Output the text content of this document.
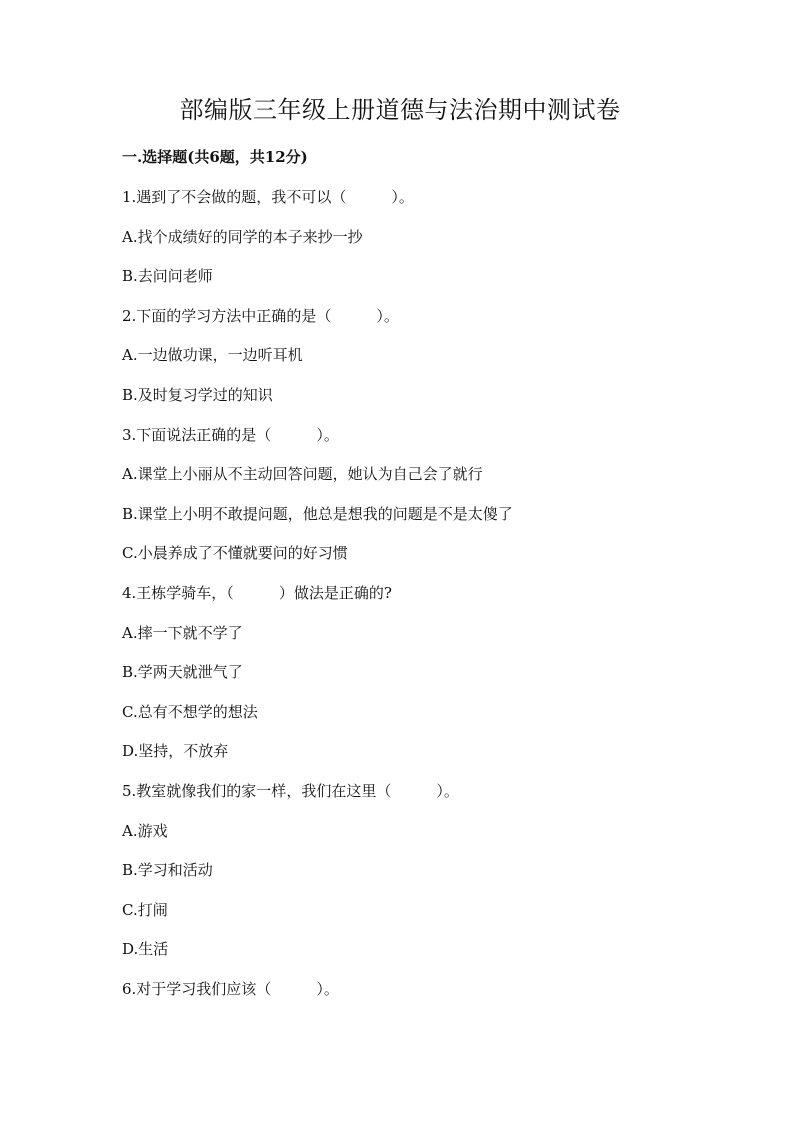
部编版三年级上册道德与法治期中测试卷
一.选择题(共6题，共12分)
1.遇到了不会做的题，我不可以（　　　）。
A.找个成绩好的同学的本子来抄一抄
B.去问问老师
2.下面的学习方法中正确的是（　　　）。
A.一边做功课，一边听耳机
B.及时复习学过的知识
3.下面说法正确的是（　　　）。
A.课堂上小丽从不主动回答问题，她认为自己会了就行
B.课堂上小明不敢提问题，他总是想我的问题是不是太傻了
C.小晨养成了不懂就要问的好习惯
4.王栋学骑车，（　　　）做法是正确的?
A.摔一下就不学了
B.学两天就泄气了
C.总有不想学的想法
D.坚持，不放弃
5.教室就像我们的家一样，我们在这里（　　　）。
A.游戏
B.学习和活动
C.打闹
D.生活
6.对于学习我们应该（　　　）。
